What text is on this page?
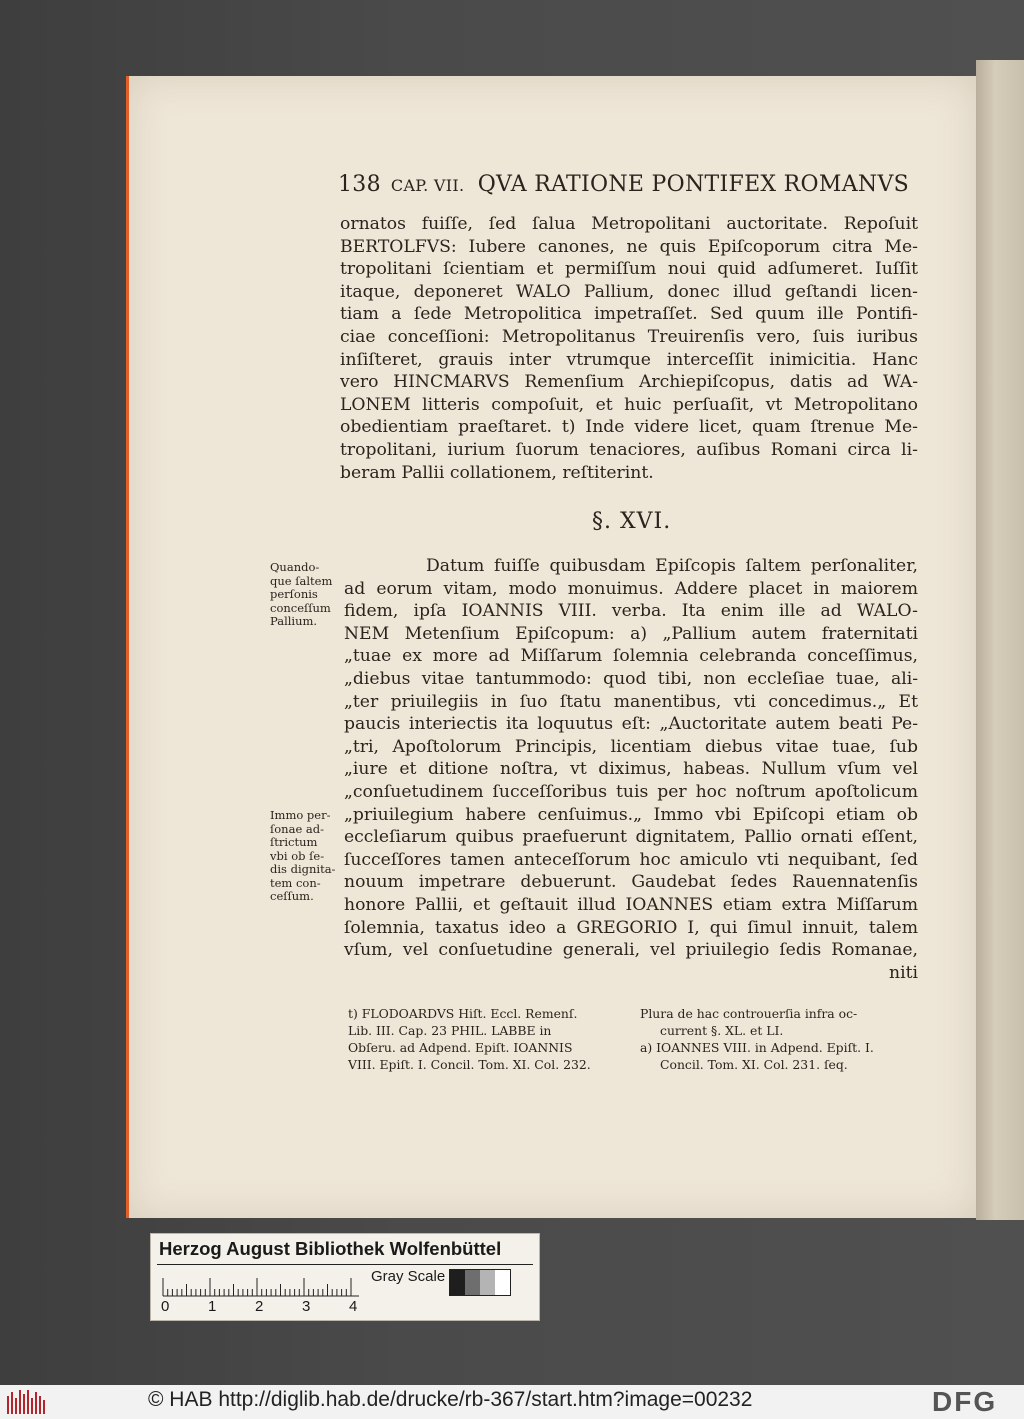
138 CAP. VII. QVA RATIONE PONTIFEX ROMANVS
ornatos fuiſſe, ſed ſalua Metropolitani auctoritate. Repoſuit
BERTOLFVS: Iubere canones, ne quis Epiſcoporum citra Me-
tropolitani ſcientiam et permiſſum noui quid adſumeret. Iuſſit
itaque, deponeret WALO Pallium, donec illud geſtandi licen-
tiam a ſede Metropolitica impetraſſet. Sed quum ille Pontifi-
ciae conceſſioni: Metropolitanus Treuirenſis vero, ſuis iuribus
inſiſteret, grauis inter vtrumque interceſſit inimicitia. Hanc
vero HINCMARVS Remenſium Archiepiſcopus, datis ad WA-
LONEM litteris compoſuit, et huic perſuaſit, vt Metropolitano
obedientiam praeſtaret. t) Inde videre licet, quam ſtrenue Me-
tropolitani, iurium ſuorum tenaciores, auſibus Romani circa li-
beram Pallii collationem, reſtiterint.
§. XVI.
Quando-
que ſaltem
perſonis
conceſſum
Pallium.
Immo per-
ſonae ad-
ſtrictum
vbi ob ſe-
dis dignita-
tem con-
ceſſum.
Datum fuiſſe quibusdam Epiſcopis ſaltem perſonaliter,
ad eorum vitam, modo monuimus. Addere placet in maiorem
fidem, ipſa IOANNIS VIII. verba. Ita enim ille ad WALO-
NEM Metenſium Epiſcopum: a) „Pallium autem fraternitati
„tuae ex more ad Miſſarum ſolemnia celebranda conceſſimus,
„diebus vitae tantummodo: quod tibi, non eccleſiae tuae, ali-
„ter priuilegiis in ſuo ſtatu manentibus, vti concedimus.„ Et
paucis interiectis ita loquutus eſt: „Auctoritate autem beati Pe-
„tri, Apoſtolorum Principis, licentiam diebus vitae tuae, ſub
„iure et ditione noſtra, vt diximus, habeas. Nullum vſum vel
„conſuetudinem ſucceſſoribus tuis per hoc noſtrum apoſtolicum
„priuilegium habere cenſuimus.„ Immo vbi Epiſcopi etiam ob
eccleſiarum quibus praefuerunt dignitatem, Pallio ornati eſſent,
ſucceſſores tamen anteceſſorum hoc amiculo vti nequibant, ſed
nouum impetrare debuerunt. Gaudebat ſedes Rauennatenſis
honore Pallii, et geſtauit illud IOANNES etiam extra Miſſarum
ſolemnia, taxatus ideo a GREGORIO I, qui ſimul innuit, talem
vſum, vel conſuetudine generali, vel priuilegio ſedis Romanae,
niti
t) FLODOARDVS Hiſt. Eccl. Remenſ.
Lib. III. Cap. 23 PHIL. LABBE in
Obſeru. ad Adpend. Epiſt. IOANNIS
VIII. Epiſt. I. Concil. Tom. XI. Col. 232.
Plura de hac controuerſia infra oc-
current §. XL. et LI.
a) IOANNES VIII. in Adpend. Epiſt. I.
Concil. Tom. XI. Col. 231. ſeq.
Herzog August Bibliothek Wolfenbüttel
0	1	2	3	4
Gray Scale
© HAB http://diglib.hab.de/drucke/rb-367/start.htm?image=00232	DFG
